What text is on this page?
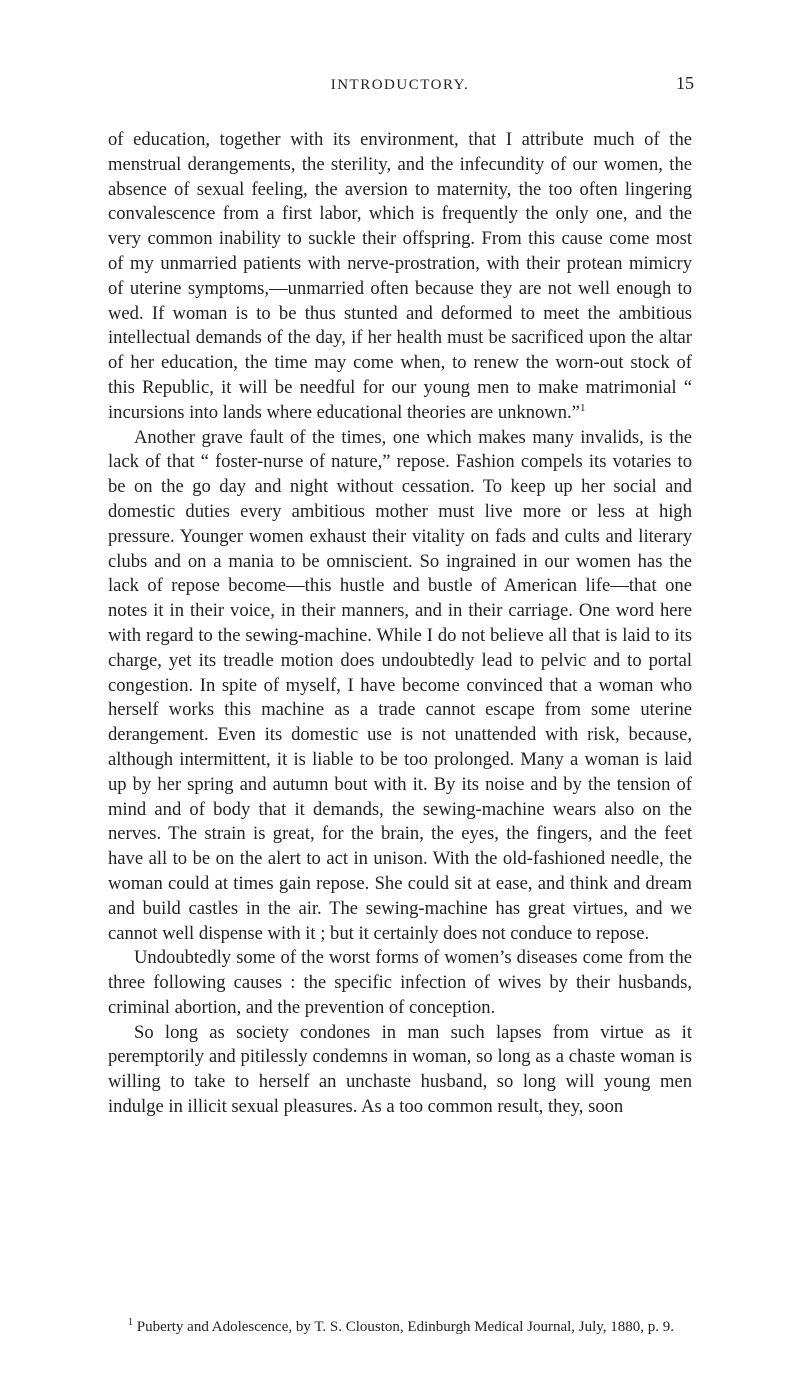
INTRODUCTORY.	15

of education, together with its environment, that I attribute much of the menstrual derangements, the sterility, and the infecundity of our women, the absence of sexual feeling, the aversion to maternity, the too often lingering convalescence from a first labor, which is frequently the only one, and the very common inability to suckle their offspring. From this cause come most of my unmarried patients with nerve-prostration, with their protean mimicry of uterine symptoms,—unmarried often because they are not well enough to wed. If woman is to be thus stunted and deformed to meet the ambitious intellectual demands of the day, if her health must be sacrificed upon the altar of her education, the time may come when, to renew the worn-out stock of this Republic, it will be needful for our young men to make matrimonial “ incursions into lands where educational theories are unknown.”$^1$

Another grave fault of the times, one which makes many invalids, is the lack of that “ foster-nurse of nature,” repose. Fashion compels its votaries to be on the go day and night without cessation. To keep up her social and domestic duties every ambitious mother must live more or less at high pressure. Younger women exhaust their vitality on fads and cults and literary clubs and on a mania to be omniscient. So ingrained in our women has the lack of repose become—this hustle and bustle of American life—that one notes it in their voice, in their manners, and in their carriage. One word here with regard to the sewing-machine. While I do not believe all that is laid to its charge, yet its treadle motion does undoubtedly lead to pelvic and to portal congestion. In spite of myself, I have become convinced that a woman who herself works this machine as a trade cannot escape from some uterine derangement. Even its domestic use is not unattended with risk, because, although intermittent, it is liable to be too prolonged. Many a woman is laid up by her spring and autumn bout with it. By its noise and by the tension of mind and of body that it demands, the sewing-machine wears also on the nerves. The strain is great, for the brain, the eyes, the fingers, and the feet have all to be on the alert to act in unison. With the old-fashioned needle, the woman could at times gain repose. She could sit at ease, and think and dream and build castles in the air. The sewing-machine has great virtues, and we cannot well dispense with it ; but it certainly does not conduce to repose.

Undoubtedly some of the worst forms of women’s diseases come from the three following causes : the specific infection of wives by their husbands, criminal abortion, and the prevention of conception.

So long as society condones in man such lapses from virtue as it peremptorily and pitilessly condemns in woman, so long as a chaste woman is willing to take to herself an unchaste husband, so long will young men indulge in illicit sexual pleasures. As a too common result, they, soon

$^1$ Puberty and Adolescence, by T. S. Clouston, Edinburgh Medical Journal, July, 1880, p. 9.
